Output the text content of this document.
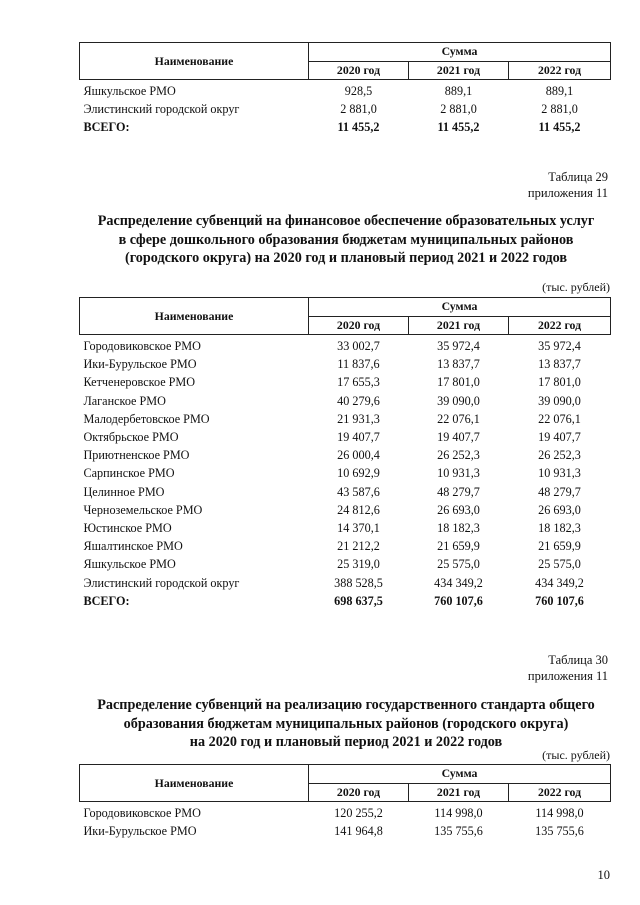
Наименование	Сумма		
	2020 год	2021 год	2022 год
Яшкульское РМО	928,5	889,1	889,1
Элистинский городской округ	2 881,0	2 881,0	2 881,0
ВСЕГО:	11 455,2	11 455,2	11 455,2
Таблица 29
приложения 11
Распределение субвенций на финансовое обеспечение образовательных услуг
в сфере дошкольного образования бюджетам муниципальных районов
(городского округа) на 2020 год и плановый период 2021 и 2022 годов
(тыс. рублей)
Наименование	Сумма		
	2020 год	2021 год	2022 год
Городовиковское РМО	33 002,7	35 972,4	35 972,4
Ики-Бурульское РМО	11 837,6	13 837,7	13 837,7
Кетченеровское РМО	17 655,3	17 801,0	17 801,0
Лаганское РМО	40 279,6	39 090,0	39 090,0
Малодербетовское РМО	21 931,3	22 076,1	22 076,1
Октябрьское РМО	19 407,7	19 407,7	19 407,7
Приютненское РМО	26 000,4	26 252,3	26 252,3
Сарпинское РМО	10 692,9	10 931,3	10 931,3
Целинное РМО	43 587,6	48 279,7	48 279,7
Черноземельское РМО	24 812,6	26 693,0	26 693,0
Юстинское РМО	14 370,1	18 182,3	18 182,3
Яшалтинское РМО	21 212,2	21 659,9	21 659,9
Яшкульское РМО	25 319,0	25 575,0	25 575,0
Элистинский городской округ	388 528,5	434 349,2	434 349,2
ВСЕГО:	698 637,5	760 107,6	760 107,6
Таблица 30
приложения 11
Распределение субвенций на реализацию государственного стандарта общего
образования бюджетам муниципальных районов (городского округа)
на 2020 год и плановый период 2021 и 2022 годов
(тыс. рублей)
Наименование	Сумма		
	2020 год	2021 год	2022 год
Городовиковское РМО	120 255,2	114 998,0	114 998,0
Ики-Бурульское РМО	141 964,8	135 755,6	135 755,6
10
